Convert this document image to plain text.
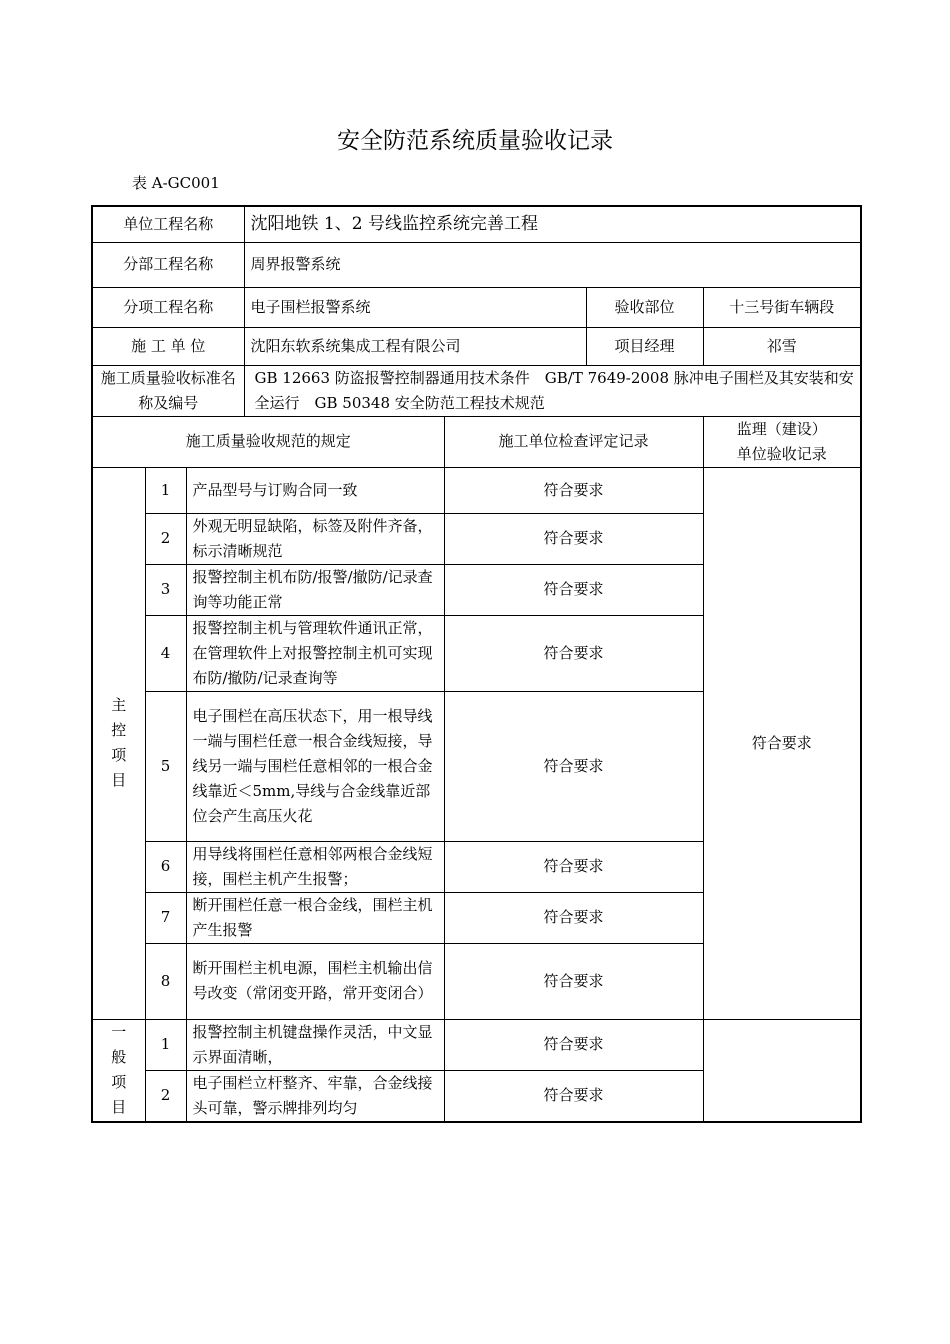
安全防范系统质量验收记录
表 A-GC001
单位工程名称			沈阳地铁 1、2 号线监控系统完善工程			
分部工程名称			周界报警系统			
分项工程名称			电子围栏报警系统		验收部位	十三号街车辆段
施 工 单 位			沈阳东软系统集成工程有限公司		项目经理	祁雪
施工质量验收标准名称及编号			GB 12663 防盗报警控制器通用技术条件　GB/T 7649-2008 脉冲电子围栏及其安装和安全运行　GB 50348 安全防范工程技术规范			
施工质量验收规范的规定				施工单位检查评定记录		监理（建设）单位验收记录
主控项目	1	产品型号与订购合同一致		符合要求		符合要求
	2	外观无明显缺陷，标签及附件齐备，标示清晰规范		符合要求		
	3	报警控制主机布防/报警/撤防/记录查询等功能正常		符合要求		
	4	报警控制主机与管理软件通讯正常，在管理软件上对报警控制主机可实现布防/撤防/记录查询等		符合要求		
	5	电子围栏在高压状态下，用一根导线一端与围栏任意一根合金线短接，导线另一端与围栏任意相邻的一根合金线靠近＜5mm,导线与合金线靠近部位会产生高压火花		符合要求		
	6	用导线将围栏任意相邻两根合金线短接，围栏主机产生报警；		符合要求		
	7	断开围栏任意一根合金线，围栏主机产生报警		符合要求		
	8	断开围栏主机电源，围栏主机输出信号改变（常闭变开路，常开变闭合）		符合要求		
一般项目	1	报警控制主机键盘操作灵活，中文显示界面清晰，		符合要求		
	2	电子围栏立杆整齐、牢靠，合金线接头可靠，警示牌排列均匀		符合要求		
